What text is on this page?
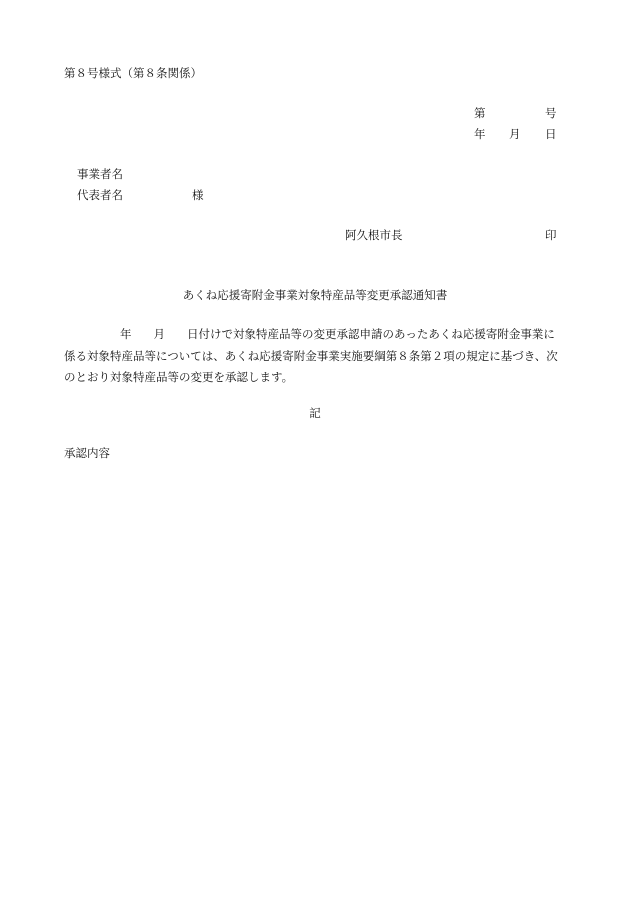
第８号様式（第８条関係）
第	号
年 月 日
事業者名
代表者名	様
阿久根市長	印
あくね応援寄附金事業対象特産品等変更承認通知書
年 月 日付けで対象特産品等の変更承認申請のあったあくね応援寄附金事業に
係る対象特産品等については、あくね応援寄附金事業実施要綱第８条第２項の規定に基づき、次
のとおり対象特産品等の変更を承認します。
記
承認内容
